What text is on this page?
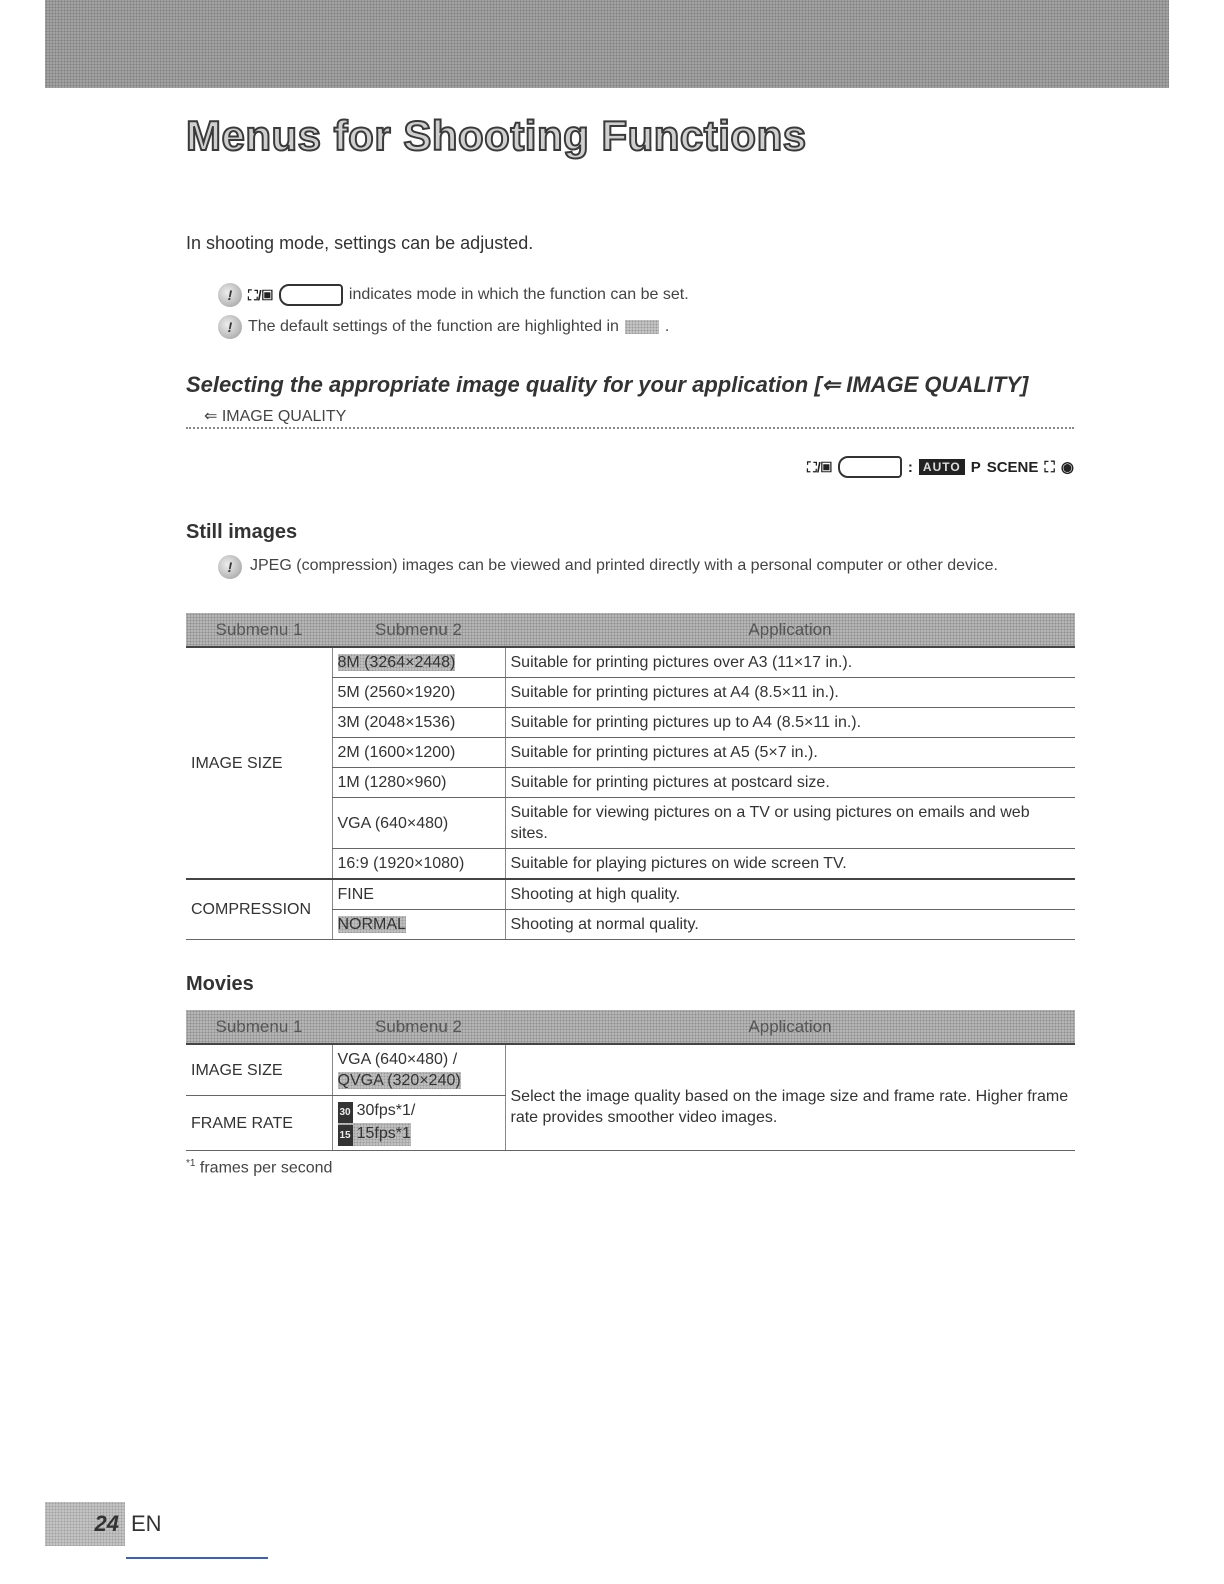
Menus for Shooting Functions

In shooting mode, settings can be adjusted.

!	⛶/▣	indicates mode in which the function can be set.
! The default settings of the function are highlighted in	.
Selecting the appropriate image quality for your application [⇐ IMAGE QUALITY]
⇐ IMAGE QUALITY
⛶/▣	: AUTO P SCENE ⛶ ◉
Still images
!	JPEG (compression) images can be viewed and printed directly with a personal computer or other device.
Submenu 1	Submenu 2	Application
IMAGE SIZE	8M (3264×2448)	Suitable for printing pictures over A3 (11×17 in.).
	5M (2560×1920)	Suitable for printing pictures at A4 (8.5×11 in.).
	3M (2048×1536)	Suitable for printing pictures up to A4 (8.5×11 in.).
	2M (1600×1200)	Suitable for printing pictures at A5 (5×7 in.).
	1M (1280×960)	Suitable for printing pictures at postcard size.
	VGA (640×480)	Suitable for viewing pictures on a TV or using pictures on emails and web sites.
	16:9 (1920×1080)	Suitable for playing pictures on wide screen TV.
COMPRESSION	FINE	Shooting at high quality.
	NORMAL	Shooting at normal quality.
Movies
Submenu 1	Submenu 2	Application
IMAGE SIZE	VGA (640×480) /
QVGA (320×240)	Select the image quality based on the image size and frame rate. Higher frame rate provides smoother video images.
FRAME RATE	30 30fps*1/
15 15fps*1	
$^{*1}$ frames per second
24 EN
